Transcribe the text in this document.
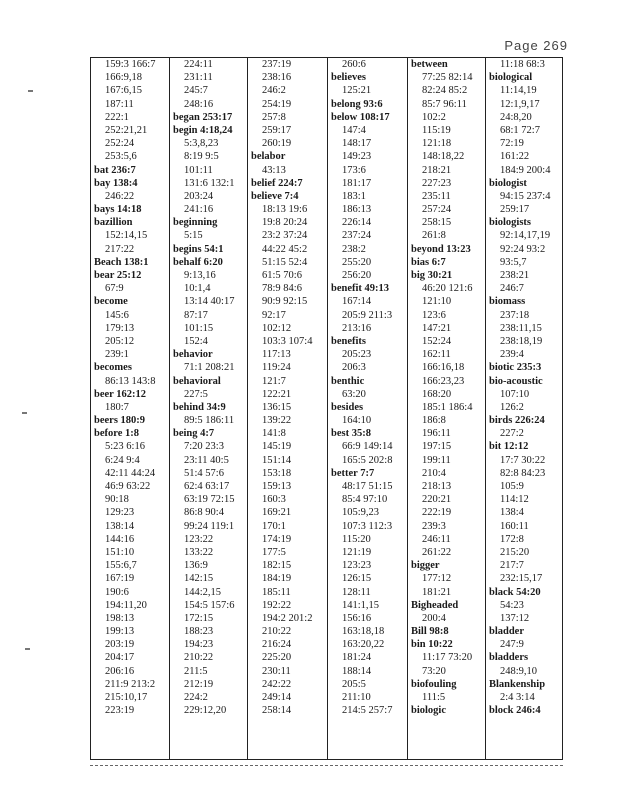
Page 269
159:3 166:7
166:9,18
167:6,15
187:11
222:1
252:21,21
252:24
253:5,6
bat 236:7
bay 138:4
246:22
bays 14:18
bazillion
152:14,15
217:22
Beach 138:1
bear 25:12
67:9
become
145:6
179:13
205:12
239:1
becomes
86:13 143:8
beer 162:12
180:7
beers 180:9
before 1:8
5:23 6:16
6:24 9:4
42:11 44:24
46:9 63:22
90:18
129:23
138:14
144:16
151:10
155:6,7
167:19
190:6
194:11,20
198:13
199:13
203:19
204:17
206:16
211:9 213:2
215:10,17
223:19
224:11
231:11
245:7
248:16
began 253:17
begin 4:18,24
5:3,8,23
8:19 9:5
101:11
131:6 132:1
203:24
241:16
beginning
5:15
begins 54:1
behalf 6:20
9:13,16
10:1,4
13:14 40:17
87:17
101:15
152:4
behavior
71:1 208:21
behavioral
227:5
behind 34:9
89:5 186:11
being 4:7
7:20 23:3
23:11 40:5
51:4 57:6
62:4 63:17
63:19 72:15
86:8 90:4
99:24 119:1
123:22
133:22
136:9
142:15
144:2,15
154:5 157:6
172:15
188:23
194:23
210:22
211:5
212:19
224:2
229:12,20
237:19
238:16
246:2
254:19
257:8
259:17
260:19
belabor
43:13
belief 224:7
believe 7:4
18:13 19:6
19:8 20:24
23:2 37:24
44:22 45:2
51:15 52:4
61:5 70:6
78:9 84:6
90:9 92:15
92:17
102:12
103:3 107:4
117:13
119:24
121:7
122:21
136:15
139:22
141:8
145:19
151:14
153:18
159:13
160:3
169:21
170:1
174:19
177:5
182:15
184:19
185:11
192:22
194:2 201:2
210:22
216:24
225:20
230:11
242:22
249:14
258:14
260:6
believes
125:21
belong 93:6
below 108:17
147:4
148:17
149:23
173:6
181:17
183:1
186:13
226:14
237:24
238:2
255:20
256:20
benefit 49:13
167:14
205:9 211:3
213:16
benefits
205:23
206:3
benthic
63:20
besides
164:10
best 35:8
66:9 149:14
165:5 202:8
better 7:7
48:17 51:15
85:4 97:10
105:9,23
107:3 112:3
115:20
121:19
123:23
126:15
128:11
141:1,15
156:16
163:18,18
163:20,22
181:24
188:14
205:5
211:10
214:5 257:7
between
77:25 82:14
82:24 85:2
85:7 96:11
102:2
115:19
121:18
148:18,22
218:21
227:23
235:11
257:24
258:15
261:8
beyond 13:23
bias 6:7
big 30:21
46:20 121:6
121:10
123:6
147:21
152:24
162:11
166:16,18
166:23,23
168:20
185:1 186:4
186:8
196:11
197:15
199:11
210:4
218:13
220:21
222:19
239:3
246:11
261:22
bigger
177:12
181:21
Bigheaded
200:4
Bill 98:8
bin 10:22
11:17 73:20
73:20
biofouling
111:5
biologic
11:18 68:3
biological
11:14,19
12:1,9,17
24:8,20
68:1 72:7
72:19
161:22
184:9 200:4
biologist
94:15 237:4
259:17
biologists
92:14,17,19
92:24 93:2
93:5,7
238:21
246:7
biomass
237:18
238:11,15
238:18,19
239:4
biotic 235:3
bio-acoustic
107:10
126:2
birds 226:24
227:2
bit 12:12
17:7 30:22
82:8 84:23
105:9
114:12
138:4
160:11
172:8
215:20
217:7
232:15,17
black 54:20
54:23
137:12
bladder
247:9
bladders
248:9,10
Blankenship
2:4 3:14
block 246:4
